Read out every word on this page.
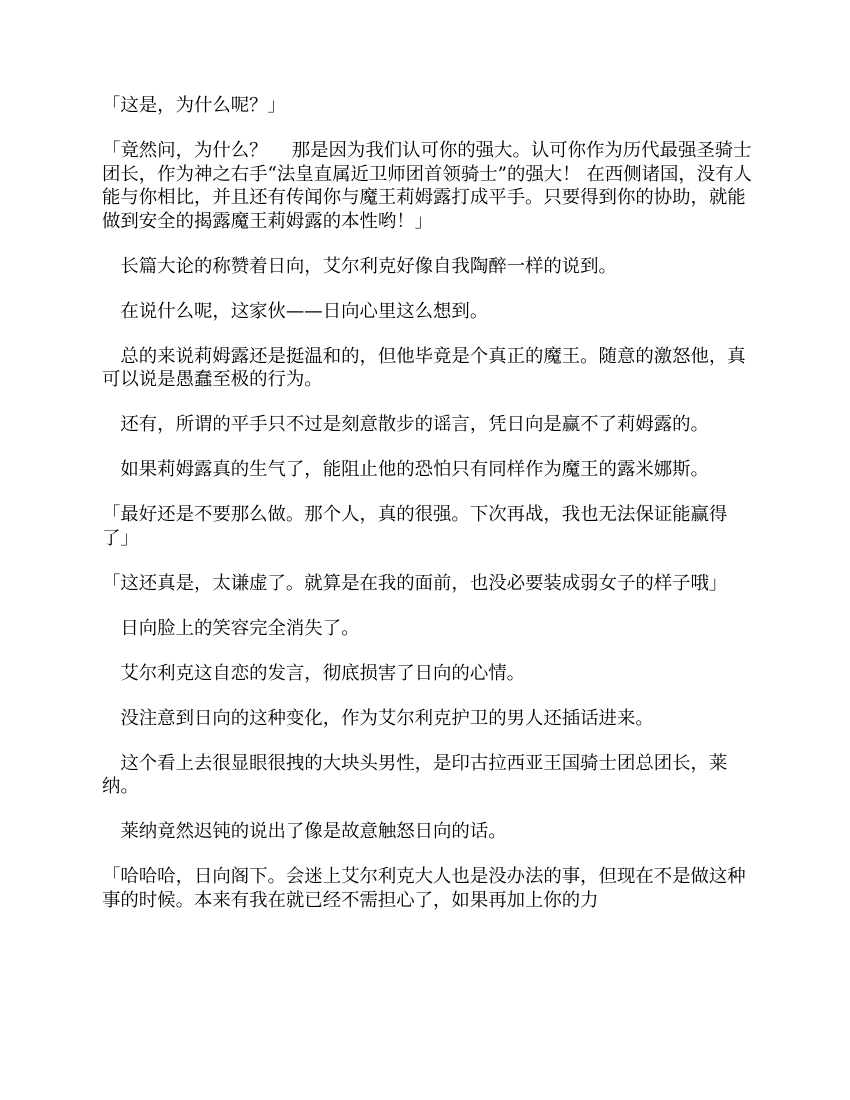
「这是，为什么呢？」

「竟然问，为什么？　 那是因为我们认可你的强大。认可你作为历代最强圣骑士团长，作为神之右手“法皇直属近卫师团首领骑士”的强大！ 在西侧诸国，没有人能与你相比，并且还有传闻你与魔王莉姆露打成平手。只要得到你的协助，就能做到安全的揭露魔王莉姆露的本性哟！」

　长篇大论的称赞着日向，艾尔利克好像自我陶醉一样的说到。

　在说什么呢，这家伙——日向心里这么想到。

　总的来说莉姆露还是挺温和的，但他毕竟是个真正的魔王。随意的激怒他，真可以说是愚蠢至极的行为。

　还有，所谓的平手只不过是刻意散步的谣言，凭日向是赢不了莉姆露的。

　如果莉姆露真的生气了，能阻止他的恐怕只有同样作为魔王的露米娜斯。

「最好还是不要那么做。那个人，真的很强。下次再战，我也无法保证能赢得了」

「这还真是，太谦虚了。就算是在我的面前，也没必要装成弱女子的样子哦」

　日向脸上的笑容完全消失了。

　艾尔利克这自恋的发言，彻底损害了日向的心情。

　没注意到日向的这种变化，作为艾尔利克护卫的男人还插话进来。

　这个看上去很显眼很拽的大块头男性，是印古拉西亚王国骑士团总团长，莱纳。

　莱纳竟然迟钝的说出了像是故意触怒日向的话。

「哈哈哈，日向阁下。会迷上艾尔利克大人也是没办法的事，但现在不是做这种事的时候。本来有我在就已经不需担心了，如果再加上你的力
